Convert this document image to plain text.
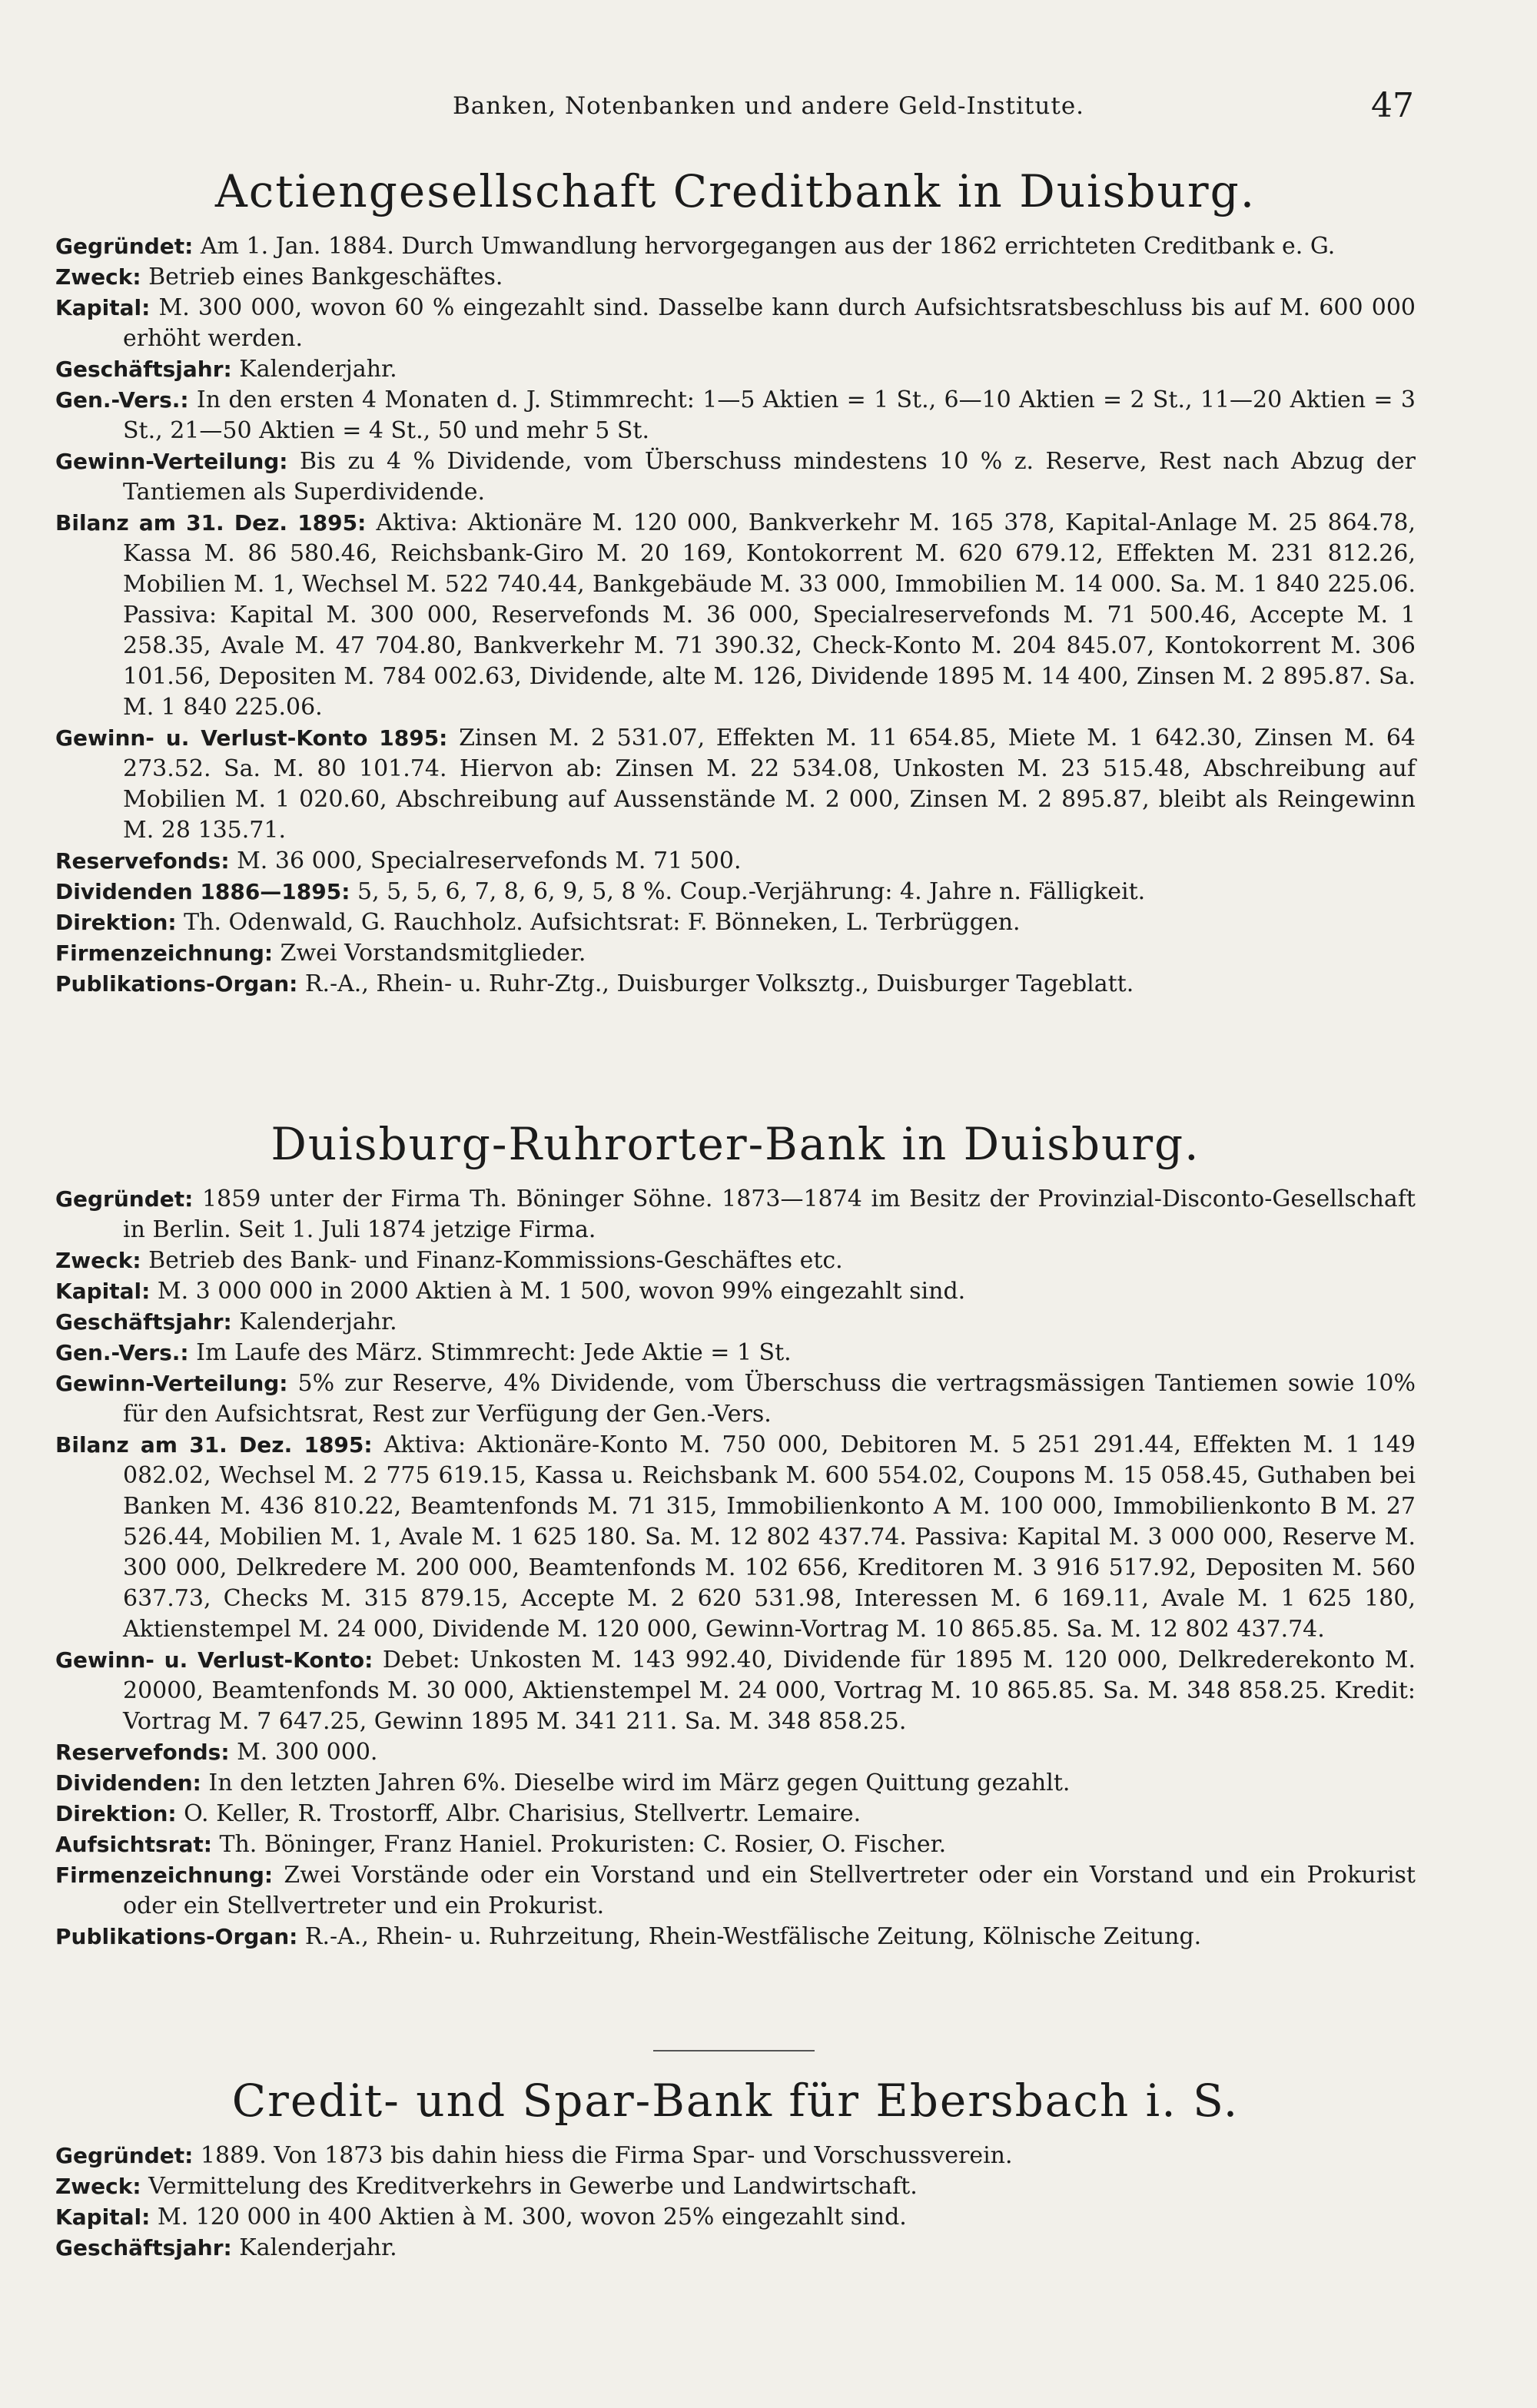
Banken, Notenbanken und andere Geld-Institute.	47
Actiengesellschaft Creditbank in Duisburg.

Gegründet: Am 1. Jan. 1884. Durch Umwandlung hervorgegangen aus der 1862 errichteten Creditbank e. G.

Zweck: Betrieb eines Bankgeschäftes.

Kapital: M. 300 000, wovon 60 % eingezahlt sind. Dasselbe kann durch Aufsichtsratsbeschluss bis auf M. 600 000 erhöht werden.

Geschäftsjahr: Kalenderjahr.

Gen.-Vers.: In den ersten 4 Monaten d. J. Stimmrecht: 1—5 Aktien = 1 St., 6—10 Aktien = 2 St., 11—20 Aktien = 3 St., 21—50 Aktien = 4 St., 50 und mehr 5 St.

Gewinn-Verteilung: Bis zu 4 % Dividende, vom Überschuss mindestens 10 % z. Reserve, Rest nach Abzug der Tantiemen als Superdividende.

Bilanz am 31. Dez. 1895: Aktiva: Aktionäre M. 120 000, Bankverkehr M. 165 378, Kapital-Anlage M. 25 864.78, Kassa M. 86 580.46, Reichsbank-Giro M. 20 169, Kontokorrent M. 620 679.12, Effekten M. 231 812.26, Mobilien M. 1, Wechsel M. 522 740.44, Bankgebäude M. 33 000, Immobilien M. 14 000. Sa. M. 1 840 225.06. Passiva: Kapital M. 300 000, Reservefonds M. 36 000, Specialreservefonds M. 71 500.46, Accepte M. 1 258.35, Avale M. 47 704.80, Bankverkehr M. 71 390.32, Check-Konto M. 204 845.07, Kontokorrent M. 306 101.56, Depositen M. 784 002.63, Dividende, alte M. 126, Dividende 1895 M. 14 400, Zinsen M. 2 895.87. Sa. M. 1 840 225.06.

Gewinn- u. Verlust-Konto 1895: Zinsen M. 2 531.07, Effekten M. 11 654.85, Miete M. 1 642.30, Zinsen M. 64 273.52. Sa. M. 80 101.74. Hiervon ab: Zinsen M. 22 534.08, Unkosten M. 23 515.48, Abschreibung auf Mobilien M. 1 020.60, Abschreibung auf Aussenstände M. 2 000, Zinsen M. 2 895.87, bleibt als Reingewinn M. 28 135.71.

Reservefonds: M. 36 000, Specialreservefonds M. 71 500.

Dividenden 1886—1895: 5, 5, 5, 6, 7, 8, 6, 9, 5, 8 %. Coup.-Verjährung: 4. Jahre n. Fälligkeit.

Direktion: Th. Odenwald, G. Rauchholz. Aufsichtsrat: F. Bönneken, L. Terbrüggen.

Firmenzeichnung: Zwei Vorstandsmitglieder.

Publikations-Organ: R.-A., Rhein- u. Ruhr-Ztg., Duisburger Volksztg., Duisburger Tageblatt.

Duisburg-Ruhrorter-Bank in Duisburg.

Gegründet: 1859 unter der Firma Th. Böninger Söhne. 1873—1874 im Besitz der Provinzial-Disconto-Gesellschaft in Berlin. Seit 1. Juli 1874 jetzige Firma.

Zweck: Betrieb des Bank- und Finanz-Kommissions-Geschäftes etc.

Kapital: M. 3 000 000 in 2000 Aktien à M. 1 500, wovon 99% eingezahlt sind.

Geschäftsjahr: Kalenderjahr.

Gen.-Vers.: Im Laufe des März. Stimmrecht: Jede Aktie = 1 St.

Gewinn-Verteilung: 5% zur Reserve, 4% Dividende, vom Überschuss die vertragsmässigen Tantiemen sowie 10% für den Aufsichtsrat, Rest zur Verfügung der Gen.-Vers.

Bilanz am 31. Dez. 1895: Aktiva: Aktionäre-Konto M. 750 000, Debitoren M. 5 251 291.44, Effekten M. 1 149 082.02, Wechsel M. 2 775 619.15, Kassa u. Reichsbank M. 600 554.02, Coupons M. 15 058.45, Guthaben bei Banken M. 436 810.22, Beamtenfonds M. 71 315, Immobilienkonto A M. 100 000, Immobilienkonto B M. 27 526.44, Mobilien M. 1, Avale M. 1 625 180. Sa. M. 12 802 437.74. Passiva: Kapital M. 3 000 000, Reserve M. 300 000, Delkredere M. 200 000, Beamtenfonds M. 102 656, Kreditoren M. 3 916 517.92, Depositen M. 560 637.73, Checks M. 315 879.15, Accepte M. 2 620 531.98, Interessen M. 6 169.11, Avale M. 1 625 180, Aktienstempel M. 24 000, Dividende M. 120 000, Gewinn-Vortrag M. 10 865.85. Sa. M. 12 802 437.74.

Gewinn- u. Verlust-Konto: Debet: Unkosten M. 143 992.40, Dividende für 1895 M. 120 000, Delkrederekonto M. 20000, Beamtenfonds M. 30 000, Aktienstempel M. 24 000, Vortrag M. 10 865.85. Sa. M. 348 858.25. Kredit: Vortrag M. 7 647.25, Gewinn 1895 M. 341 211. Sa. M. 348 858.25.

Reservefonds: M. 300 000.

Dividenden: In den letzten Jahren 6%. Dieselbe wird im März gegen Quittung gezahlt.

Direktion: O. Keller, R. Trostorff, Albr. Charisius, Stellvertr. Lemaire.

Aufsichtsrat: Th. Böninger, Franz Haniel. Prokuristen: C. Rosier, O. Fischer.

Firmenzeichnung: Zwei Vorstände oder ein Vorstand und ein Stellvertreter oder ein Vorstand und ein Prokurist oder ein Stellvertreter und ein Prokurist.

Publikations-Organ: R.-A., Rhein- u. Ruhrzeitung, Rhein-Westfälische Zeitung, Kölnische Zeitung.

Credit- und Spar-Bank für Ebersbach i. S.

Gegründet: 1889. Von 1873 bis dahin hiess die Firma Spar- und Vorschussverein.

Zweck: Vermittelung des Kreditverkehrs in Gewerbe und Landwirtschaft.

Kapital: M. 120 000 in 400 Aktien à M. 300, wovon 25% eingezahlt sind.

Geschäftsjahr: Kalenderjahr.
